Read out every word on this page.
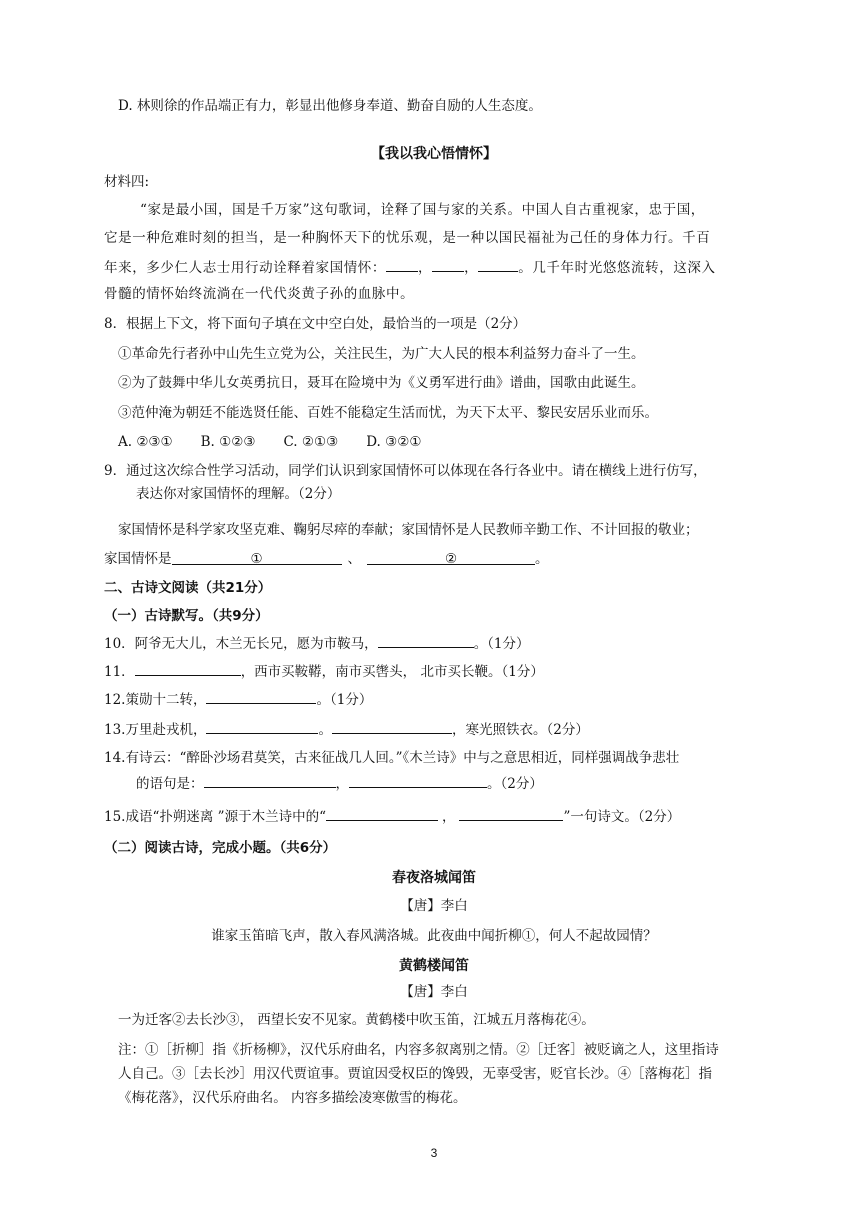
D. 林则徐的作品端正有力，彰显出他修身奉道、勤奋自励的人生态度。
【我以我心悟情怀】
材料四:
“家是最小国，国是千万家”这句歌词，诠释了国与家的关系。中国人自古重视家，忠于国，
它是一种危难时刻的担当，是一种胸怀天下的忧乐观，是一种以国民福祉为己任的身体力行。千百
年来，多少仁人志士用行动诠释着家国情怀： ， ，	。几千年时光悠悠流转，这深入
骨髓的情怀始终流淌在一代代炎黄子孙的血脉中。
8．根据上下文，将下面句子填在文中空白处，最恰当的一项是（2分）
①革命先行者孙中山先生立党为公，关注民生，为广大人民的根本利益努力奋斗了一生。
②为了鼓舞中华儿女英勇抗日，聂耳在险境中为《义勇军进行曲》谱曲，国歌由此诞生。
③范仲淹为朝廷不能选贤任能、百姓不能稳定生活而忧，为天下太平、黎民安居乐业而乐。
A. ②③① B. ①②③ C. ②①③ D. ③②①
9．通过这次综合性学习活动，同学们认识到家国情怀可以体现在各行各业中。请在横线上进行仿写，
表达你对家国情怀的理解。（2分）
家国情怀是科学家攻坚克难、鞠躬尽瘁的奉献；家国情怀是人民教师辛勤工作、不计回报的敬业；
家国情怀是	①	、	②	。
二、古诗文阅读（共21分）
（一）古诗默写。（共9分）
10．阿爷无大儿，木兰无长兄，愿为市鞍马，	。（1分）
11．	，西市买鞍鞯，南市买辔头， 北市买长鞭。（1分）
12.策勋十二转，	。（1分）
13.万里赴戎机，	。	，寒光照铁衣。（2分）
14.有诗云：“醉卧沙场君莫笑，古来征战几人回。”《木兰诗》中与之意思相近，同样强调战争悲壮
的语句是：	，	。（2分）
15.成语“扑朔迷离 ”源于木兰诗中的“	，	”一句诗文。（2分）
（二）阅读古诗，完成小题。（共6分）
春夜洛城闻笛
【唐】李白
谁家玉笛暗飞声，散入春风满洛城。此夜曲中闻折柳①，何人不起故园情？
黄鹤楼闻笛
【唐】李白
一为迁客②去长沙③， 西望长安不见家。黄鹤楼中吹玉笛，江城五月落梅花④。
注：①［折柳］指《折杨柳》，汉代乐府曲名，内容多叙离别之情。②［迁客］被贬谪之人，这里指诗
人自己。③［去长沙］用汉代贾谊事。贾谊因受权臣的馋毁，无辜受害，贬官长沙。④［落梅花］指
《梅花落》，汉代乐府曲名。 内容多描绘凌寒傲雪的梅花。
3
